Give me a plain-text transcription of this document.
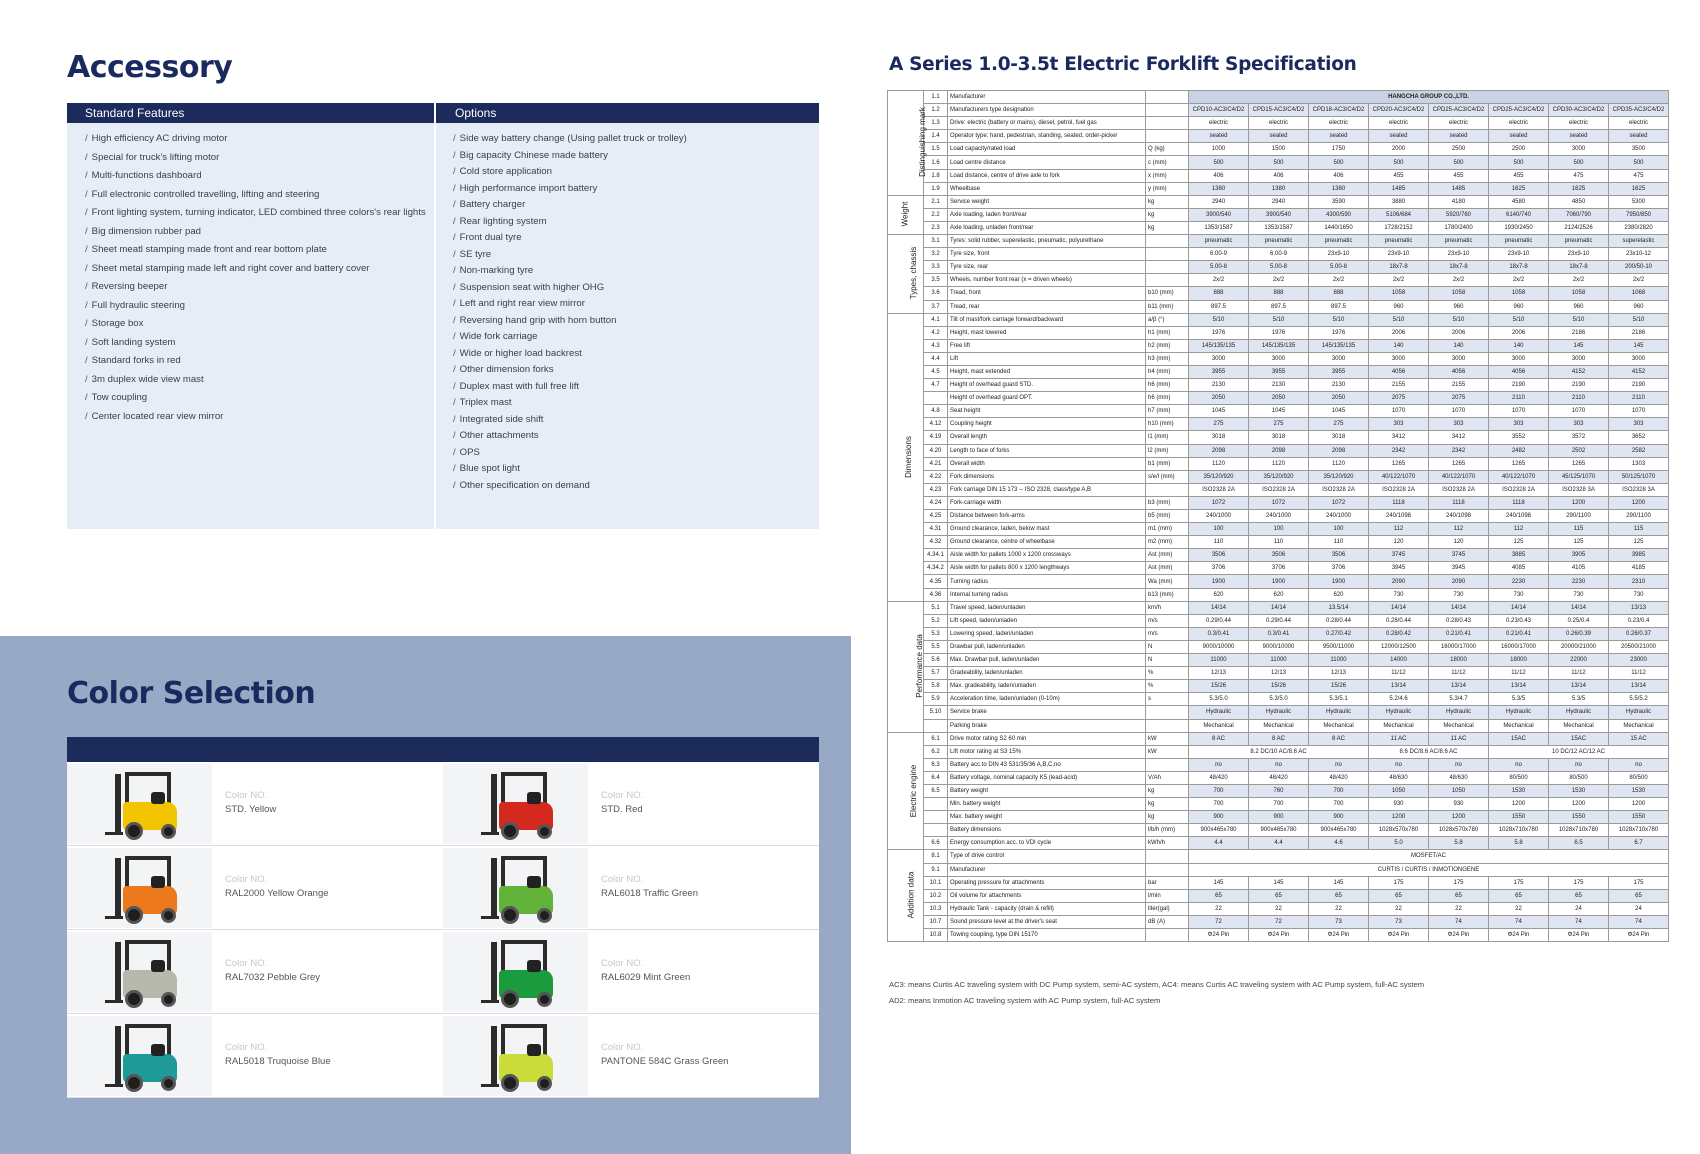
Accessory
Standard Features	Options
/ High efficiency AC driving motor
/ Special for truck's lifting motor
/ Multi-functions dashboard
/ Full electronic controlled travelling, lifting and steering
/ Front lighting system, turning indicator, LED combined three colors's rear lights
/ Big dimension rubber pad
/ Sheet meatl stamping made front and rear bottom plate
/ Sheet metal stamping made left and right cover and battery cover
/ Reversing beeper
/ Full hydraulic steering
/ Storage box
/ Soft landing system
/ Standard forks in red
/ 3m duplex wide view mast
/ Tow coupling
/ Center located rear view mirror
/ Side way battery change (Using pallet truck or trolley)
/ Big capacity Chinese made battery
/ Cold store application
/ High performance import battery
/ Battery charger
/ Rear lighting system
/ Front dual tyre
/ SE tyre
/ Non-marking tyre
/ Suspension seat with higher OHG
/ Left and right rear view mirror
/ Reversing hand grip with horn button
/ Wide fork carriage
/ Wide or higher load backrest
/ Other dimension forks
/ Duplex mast with full free lift
/ Triplex mast
/ Integrated side shift
/ Other attachments
/ OPS
/ Blue spot light
/ Other specification on demand
Color Selection
Color NO.
STD. Yellow
Color NO.
STD. Red
Color NO.
RAL2000 Yellow Orange
Color NO.
RAL6018 Traffic Green
Color NO.
RAL7032 Pebble Grey
Color NO.
RAL6029 Mint Green
Color NO.
RAL5018 Truquoise Blue
Color NO.
PANTONE 584C Grass Green
A Series 1.0-3.5t Electric Forklift Specification
Distinguishing mark	1.1	Manufacturer		HANGCHA GROUP CO.,LTD.							
	1.2	Manufacturers type designation		CPD10-AC3/C4/D2	CPD15-AC3/C4/D2	CPD18-AC3/C4/D2	CPD20-AC3/C4/D2	CPD25-AC3/C4/D2	CPD25-AC3/C4/D2	CPD30-AC3/C4/D2	CPD35-AC3/C4/D2
	1.3	Drive: electric (battery or mains), diesel, petrol, fuel gas		electric	electric	electric	electric	electric	electric	electric	electric
	1.4	Operator type: hand, pedestrian, standing, seated, order-picker		seated	seated	seated	seated	seated	seated	seated	seated
	1.5	Load capacity/rated load	Q (kg)	1000	1500	1750	2000	2500	2500	3000	3500
	1.6	Load centre distance	c (mm)	500	500	500	500	500	500	500	500
	1.8	Load distance, centre of drive axle to fork	x (mm)	406	406	406	455	455	455	475	475
	1.9	Wheelbase	y (mm)	1380	1380	1380	1485	1485	1625	1625	1625
Weight	2.1	Service weight	kg	2940	2940	3590	3880	4180	4580	4850	5300
	2.2	Axle loading, laden front/rear	kg	3900/540	3900/540	4300/590	5106/684	5920/760	6140/740	7060/790	7950/850
	2.3	Axle loading, unladen front/rear	kg	1353/1587	1353/1587	1440/1650	1728/2152	1780/2400	1930/2450	2124/2526	2380/2820
Types, chassis	3.1	Tyres: solid rubber, superelastic, pneumatic, polyurethane		pneumatic	pneumatic	pneumatic	pneumatic	pneumatic	pneumatic	pneumatic	superelastic
	3.2	Tyre size, front		6.00-9	6.00-9	23x9-10	23x9-10	23x9-10	23x9-10	23x9-10	23x10-12
	3.3	Tyre size, rear		5.00-8	5.00-8	5.00-8	18x7-8	18x7-8	18x7-8	18x7-8	200/50-10
	3.5	Wheels, number front rear (x = driven wheels)		2x/2	2x/2	2x/2	2x/2	2x/2	2x/2	2x/2	2x/2
	3.6	Tread, front	b10 (mm)	888	888	888	1058	1058	1058	1058	1068
	3.7	Tread, rear	b11 (mm)	897.5	897.5	897.5	960	960	960	960	960
Dimensions	4.1	Tilt of mast/fork carriage forward/backward	a/β (°)	5/10	5/10	5/10	5/10	5/10	5/10	5/10	5/10
	4.2	Height, mast lowered	h1 (mm)	1976	1976	1976	2006	2006	2006	2186	2186
	4.3	Free lift	h2 (mm)	145/135/135	145/135/135	145/135/135	140	140	140	145	145
	4.4	Lift	h3 (mm)	3000	3000	3000	3000	3000	3000	3000	3000
	4.5	Height, mast extended	h4 (mm)	3955	3955	3955	4056	4056	4056	4152	4152
	4.7	Height of overhead guard STD.	h6 (mm)	2130	2130	2130	2155	2155	2190	2190	2190
		Height of overhead guard OPT.	h6 (mm)	2050	2050	2050	2075	2075	2110	2110	2110
	4.8	Seat height	h7 (mm)	1045	1045	1045	1070	1070	1070	1070	1070
	4.12	Coupling height	h10 (mm)	275	275	275	303	303	303	303	303
	4.19	Overall length	l1 (mm)	3018	3018	3018	3412	3412	3552	3572	3652
	4.20	Length to face of forks	l2 (mm)	2098	2098	2098	2342	2342	2482	2502	2582
	4.21	Overall width	b1 (mm)	1120	1120	1120	1265	1265	1265	1265	1303
	4.22	Fork dimensions	s/e/l (mm)	35/120/920	35/120/920	35/120/920	40/122/1070	40/122/1070	40/122/1070	45/125/1070	50/125/1070
	4.23	Fork carriage DIN 15 173 -- ISO 2328, class/type A,B		ISO2328 2A	ISO2328 2A	ISO2328 2A	ISO2328 2A	ISO2328 2A	ISO2328 2A	ISO2328 3A	ISO2328 3A
	4.24	Fork-carriage width	b3 (mm)	1072	1072	1072	1118	1118	1118	1200	1200
	4.25	Distance between fork-arms	b5 (mm)	240/1000	240/1000	240/1000	240/1098	240/1098	240/1098	290/1100	290/1100
	4.31	Ground clearance, laden, below mast	m1 (mm)	100	100	100	112	112	112	115	115
	4.32	Ground clearance, centre of wheelbase	m2 (mm)	110	110	110	120	120	125	125	125
	4.34.1	Aisle width for pallets 1000 x 1200 crossways	Ast (mm)	3506	3506	3506	3745	3745	3885	3905	3985
	4.34.2	Aisle width for pallets 800 x 1200 lengthways	Ast (mm)	3706	3706	3706	3945	3945	4085	4105	4185
	4.35	Turning radius	Wa (mm)	1900	1900	1900	2090	2090	2230	2230	2310
	4.36	Internal turning radius	b13 (mm)	620	620	620	730	730	730	730	730
Performance data	5.1	Travel speed, laden/unladen	km/h	14/14	14/14	13.5/14	14/14	14/14	14/14	14/14	13/13
	5.2	Lift speed, laden/unladen	m/s	0.29/0.44	0.29/0.44	0.28/0.44	0.28/0.44	0.28/0.43	0.23/0.43	0.25/0.4	0.23/0.4
	5.3	Lowering speed, laden/unladen	m/s	0.3/0.41	0.3/0.41	0.27/0.42	0.28/0.42	0.21/0.41	0.21/0.41	0.26/0.39	0.26/0.37
	5.5	Drawbar pull, laden/unladen	N	9000/10000	9000/10000	9500/11000	12000/12500	16000/17000	16000/17000	20000/21000	20500/21000
	5.6	Max. Drawbar pull, laden/unladen	N	11000	11000	11000	14000	18000	18000	22000	23000
	5.7	Gradeability, laden/unladen	%	12/13	12/13	12/13	11/12	11/12	11/12	11/12	11/12
	5.8	Max. gradeability, laden/unladen	%	15/26	15/26	15/26	13/14	13/14	13/14	13/14	13/14
	5.9	Acceleration time, laden/unladen (0-10m)	s	5.3/5.0	5.3/5.0	5.3/5.1	5.2/4.6	5.3/4.7	5.3/5	5.3/5	5.5/5.2
	5.10	Service brake		Hydraulic	Hydraulic	Hydraulic	Hydraulic	Hydraulic	Hydraulic	Hydraulic	Hydraulic
		Parking brake		Mechanical	Mechanical	Mechanical	Mechanical	Mechanical	Mechanical	Mechanical	Mechanical
Electric engine	6.1	Drive motor rating S2 60 min	kW	8 AC	8 AC	8 AC	11 AC	11 AC	15AC	15AC	15 AC
	6.2	Lift motor rating at S3 15%	kW	8.2 DC/10 AC/8.6 AC			8.6 DC/8.6 AC/8.6 AC		10 DC/12 AC/12 AC		
	6.3	Battery acc.to DIN 43 531/35/36 A,B,C,no		no	no	no	no	no	no	no	no
	6.4	Battery voltage, nominal capacity K5 (lead-acid)	V/Ah	48/420	48/420	48/420	48/630	48/630	80/500	80/500	80/500
	6.5	Battery weight	kg	700	760	700	1050	1050	1530	1530	1530
		Min. battery weight	kg	700	700	700	930	930	1200	1200	1200
		Max. battery weight	kg	900	900	900	1200	1200	1550	1550	1550
		Battery dimensions	l/b/h (mm)	900x465x780	900x465x780	900x465x780	1028x570x780	1028x570x780	1028x710x780	1028x710x780	1028x710x780
	6.6	Energy consumption acc. to VDI cycle	kWh/h	4.4	4.4	4.6	5.0	5.8	5.8	6.5	6.7
Addition data	8.1	Type of drive control		MOSFET/AC							
	9.1	Manufacturer		CURTIS / CURTIS / INMOTIONGENE							
	10.1	Operating pressure for attachments	bar	145	145	145	175	175	175	175	175
	10.2	Oil volume for attachments	l/min	65	65	65	65	65	65	65	65
	10.3	Hydraulic Tank - capacity (drain & refill)	liter(gal)	22	22	22	22	22	22	24	24
	10.7	Sound pressure level at the driver's seat	dB (A)	72	72	73	73	74	74	74	74
	10.8	Towing coupling, type DIN 15170		Φ24 Pin	Φ24 Pin	Φ24 Pin	Φ24 Pin	Φ24 Pin	Φ24 Pin	Φ24 Pin	Φ24 Pin
AC3: means Curtis AC traveling system with DC Pump system, semi-AC system, AC4: means Curtis AC traveling system with AC Pump system, full-AC system
AD2: means Inmotion AC traveling system with AC Pump system, full-AC system
